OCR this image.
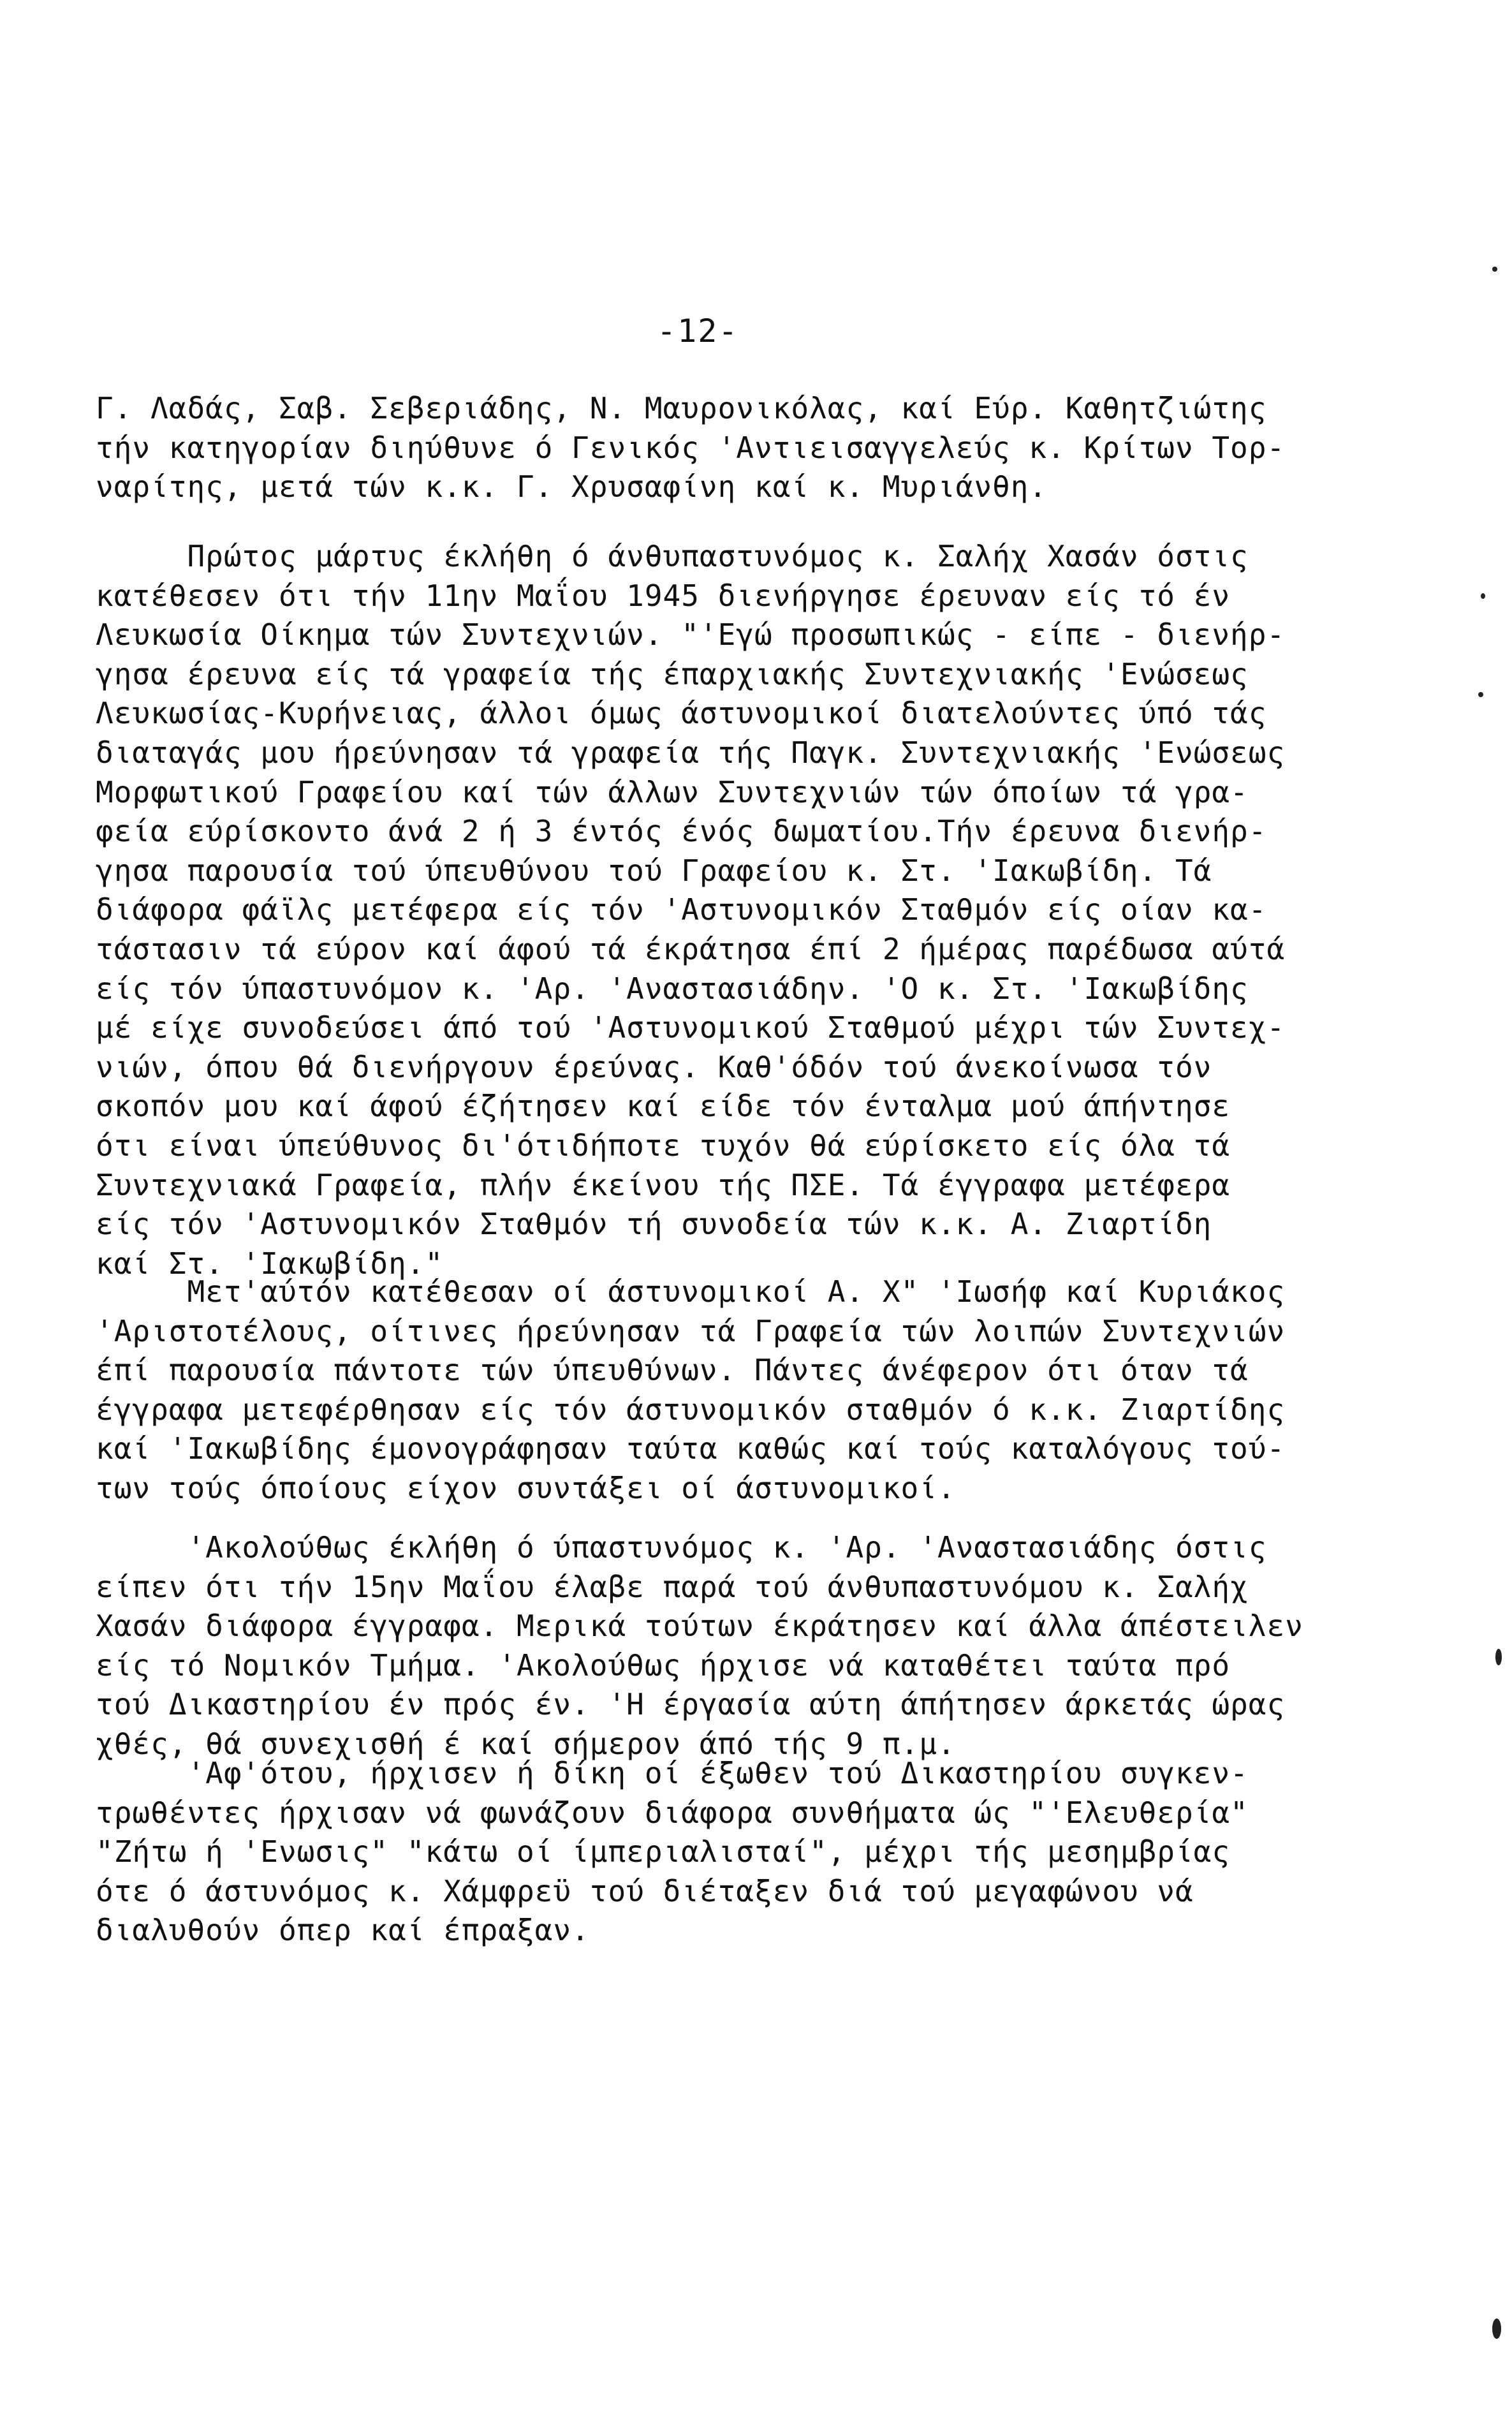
-12-
Γ. Λαδάς, Σαβ. Σεβεριάδης, Ν. Μαυρονικόλας, καί Εύρ. Καθητζιώτης
τήν κατηγορίαν διηύθυνε ό Γενικός 'Αντιεισαγγελεύς κ. Κρίτων Τορ-
ναρίτης, μετά τών κ.κ. Γ. Χρυσαφίνη καί κ. Μυριάνθη.
Πρώτος μάρτυς έκλήθη ό άνθυπαστυνόμος κ. Σαλήχ Χασάν όστις
κατέθεσεν ότι τήν 11ην Μαΐου 1945 διενήργησε έρευναν είς τό έν
Λευκωσία Οίκημα τών Συντεχνιών. "'Εγώ προσωπικώς - είπε - διενήρ-
γησα έρευνα είς τά γραφεία τής έπαρχιακής Συντεχνιακής 'Ενώσεως
Λευκωσίας-Κυρήνειας, άλλοι όμως άστυνομικοί διατελούντες ύπό τάς
διαταγάς μου ήρεύνησαν τά γραφεία τής Παγκ. Συντεχνιακής 'Ενώσεως
Μορφωτικού Γραφείου καί τών άλλων Συντεχνιών τών όποίων τά γρα-
φεία εύρίσκοντο άνά 2 ή 3 έντός ένός δωματίου.Τήν έρευνα διενήρ-
γησα παρουσία τού ύπευθύνου τού Γραφείου κ. Στ. 'Ιακωβίδη. Τά
διάφορα φάϊλς μετέφερα είς τόν 'Αστυνομικόν Σταθμόν είς οίαν κα-
τάστασιν τά εύρον καί άφού τά έκράτησα έπί 2 ήμέρας παρέδωσα αύτά
είς τόν ύπαστυνόμον κ. 'Αρ. 'Αναστασιάδην. 'Ο κ. Στ. 'Ιακωβίδης
μέ είχε συνοδεύσει άπό τού 'Αστυνομικού Σταθμού μέχρι τών Συντεχ-
νιών, όπου θά διενήργουν έρεύνας. Καθ'όδόν τού άνεκοίνωσα τόν
σκοπόν μου καί άφού έζήτησεν καί είδε τόν ένταλμα μού άπήντησε
ότι είναι ύπεύθυνος δι'ότιδήποτε τυχόν θά εύρίσκετο είς όλα τά
Συντεχνιακά Γραφεία, πλήν έκείνου τής ΠΣΕ. Τά έγγραφα μετέφερα
είς τόν 'Αστυνομικόν Σταθμόν τή συνοδεία τών κ.κ. Α. Ζιαρτίδη
καί Στ. 'Ιακωβίδη."
Μετ'αύτόν κατέθεσαν οί άστυνομικοί Α. Χ" 'Ιωσήφ καί Κυριάκος
'Αριστοτέλους, οίτινες ήρεύνησαν τά Γραφεία τών λοιπών Συντεχνιών
έπί παρουσία πάντοτε τών ύπευθύνων. Πάντες άνέφερον ότι όταν τά
έγγραφα μετεφέρθησαν είς τόν άστυνομικόν σταθμόν ό κ.κ. Ζιαρτίδης
καί 'Ιακωβίδης έμονογράφησαν ταύτα καθώς καί τούς καταλόγους τού-
των τούς όποίους είχον συντάξει οί άστυνομικοί.
'Ακολούθως έκλήθη ό ύπαστυνόμος κ. 'Αρ. 'Αναστασιάδης όστις
είπεν ότι τήν 15ην Μαΐου έλαβε παρά τού άνθυπαστυνόμου κ. Σαλήχ
Χασάν διάφορα έγγραφα. Μερικά τούτων έκράτησεν καί άλλα άπέστειλεν
είς τό Νομικόν Τμήμα. 'Ακολούθως ήρχισε νά καταθέτει ταύτα πρό
τού Δικαστηρίου έν πρός έν. 'Η έργασία αύτη άπήτησεν άρκετάς ώρας
χθές, θά συνεχισθή έ καί σήμερον άπό τής 9 π.μ.
'Αφ'ότου, ήρχισεν ή δίκη οί έξωθεν τού Δικαστηρίου συγκεν-
τρωθέντες ήρχισαν νά φωνάζουν διάφορα συνθήματα ώς "'Ελευθερία"
"Ζήτω ή 'Ενωσις" "κάτω οί ίμπεριαλισταί", μέχρι τής μεσημβρίας
ότε ό άστυνόμος κ. Χάμφρεϋ τού διέταξεν διά τού μεγαφώνου νά
διαλυθούν όπερ καί έπραξαν.
